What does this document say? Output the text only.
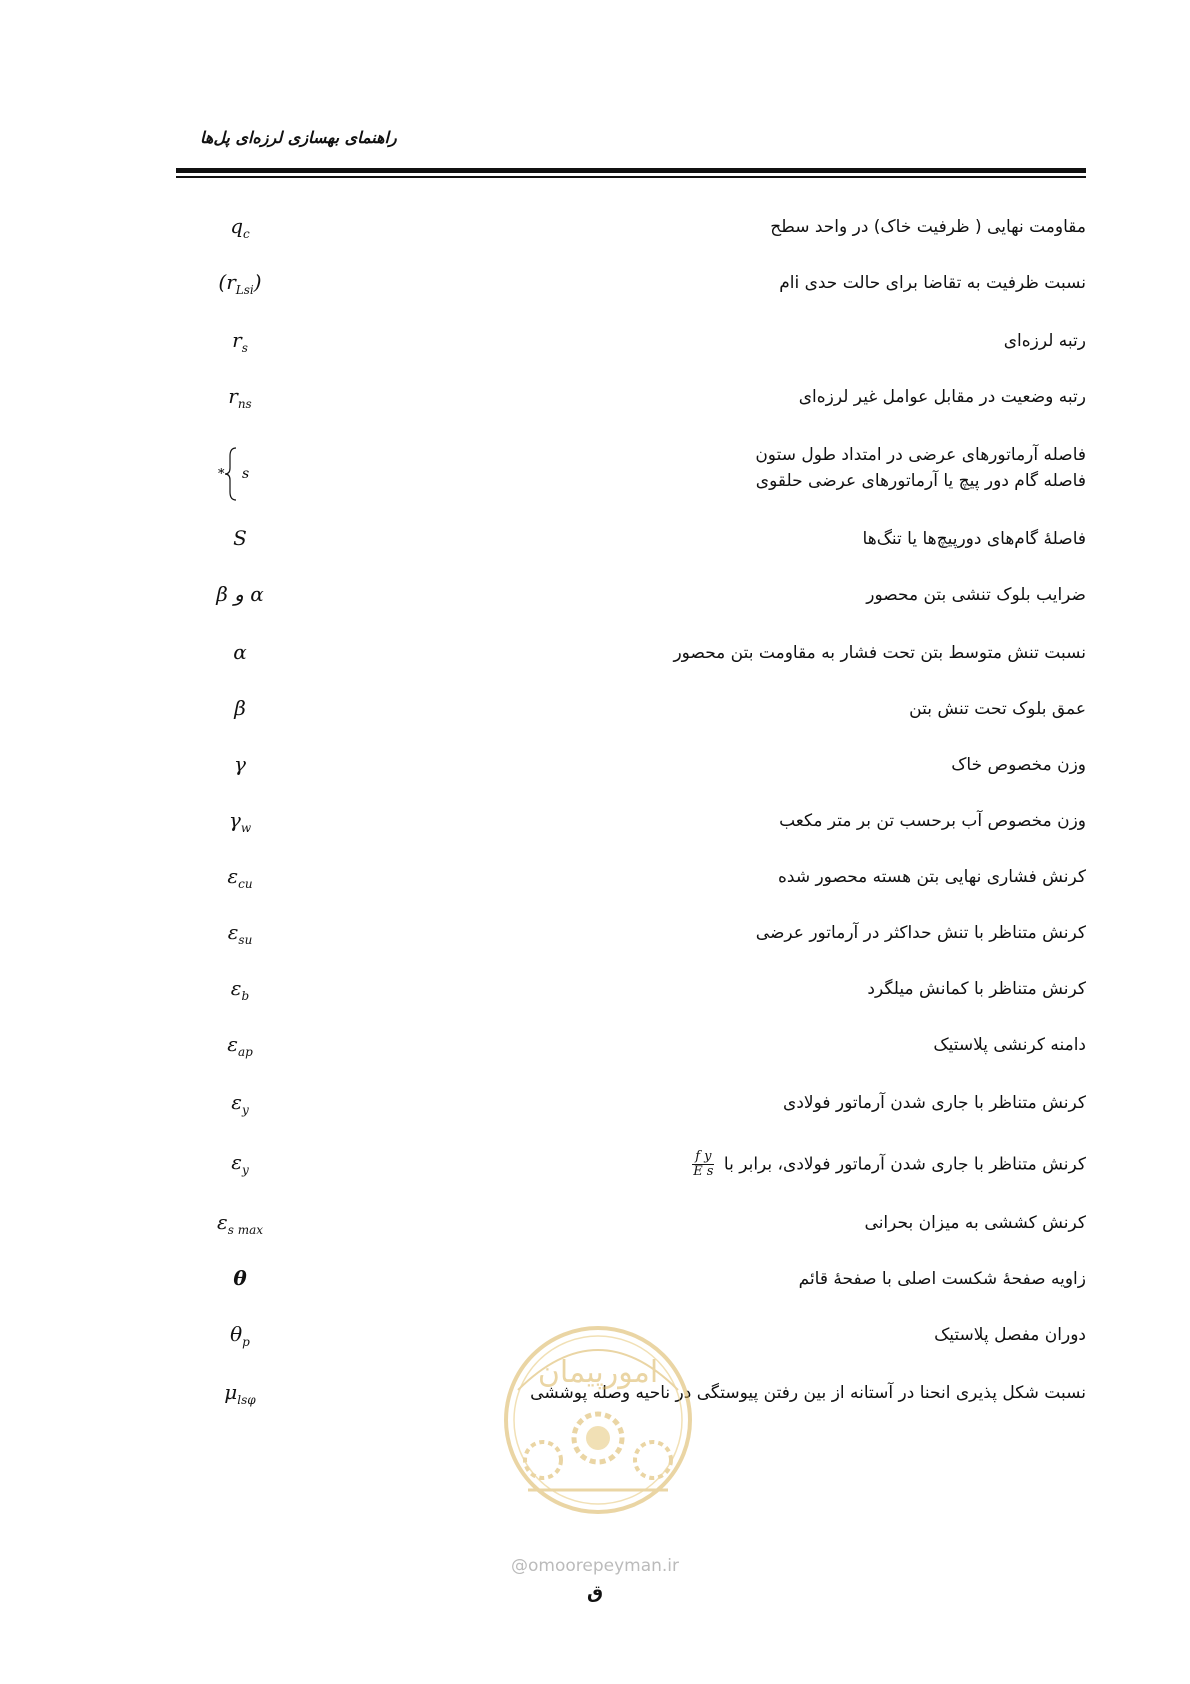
راهنمای بهسازی لرزه‌ای پل‌ها
مقاومت نهایی ( ظرفیت خاک) در واحد سطح
$q_c$
نسبت ظرفیت به تقاضا برای حالت حدی iام
$(r_{Lsi})$
رتبه لرزه‌ای
$r_s$
رتبه وضعیت در مقابل عوامل غیر لرزه‌ای
$r_{ns}$
فاصله آرماتورهای عرضی در امتداد طول ستون
فاصله گام دور پیچ یا آرماتورهای عرضی حلقوی
* s
فاصلهٔ گام‌های دورپیچ‌ها یا تنگ‌ها
S
ضرایب بلوک تنشی بتن محصور
α و β
نسبت تنش متوسط بتن تحت فشار به مقاومت بتن محصور
α
عمق بلوک تحت تنش بتن
β
وزن مخصوص خاک
γ
وزن مخصوص آب برحسب تن بر متر مکعب
$\gamma_w$
کرنش فشاری نهایی بتن هسته محصور شده
$\varepsilon_{cu}$
کرنش متناظر با تنش حداکثر در آرماتور عرضی
$\varepsilon_{su}$
کرنش متناظر با کمانش میلگرد
$\varepsilon_b$
دامنه کرنشی پلاستیک
$\varepsilon_{ap}$
کرنش متناظر با جاری شدن آرماتور فولادی
$\varepsilon_y$
کرنش متناظر با جاری شدن آرماتور فولادی، برابر با
$\frac{\text{f y}}{\text{E s}}$
$\varepsilon_y$
کرنش کششی به میزان بحرانی
$\varepsilon_{s max}$
زاویه صفحهٔ شکست اصلی با صفحهٔ قائم
θ
دوران مفصل پلاستیک
$\theta_p$
نسبت شکل پذیری انحنا در آستانه از بین رفتن پیوستگی در ناحیه وصله پوششی
$\mu_{ls\varphi}$
امورپیمان
@omoorepeyman.ir
ق
